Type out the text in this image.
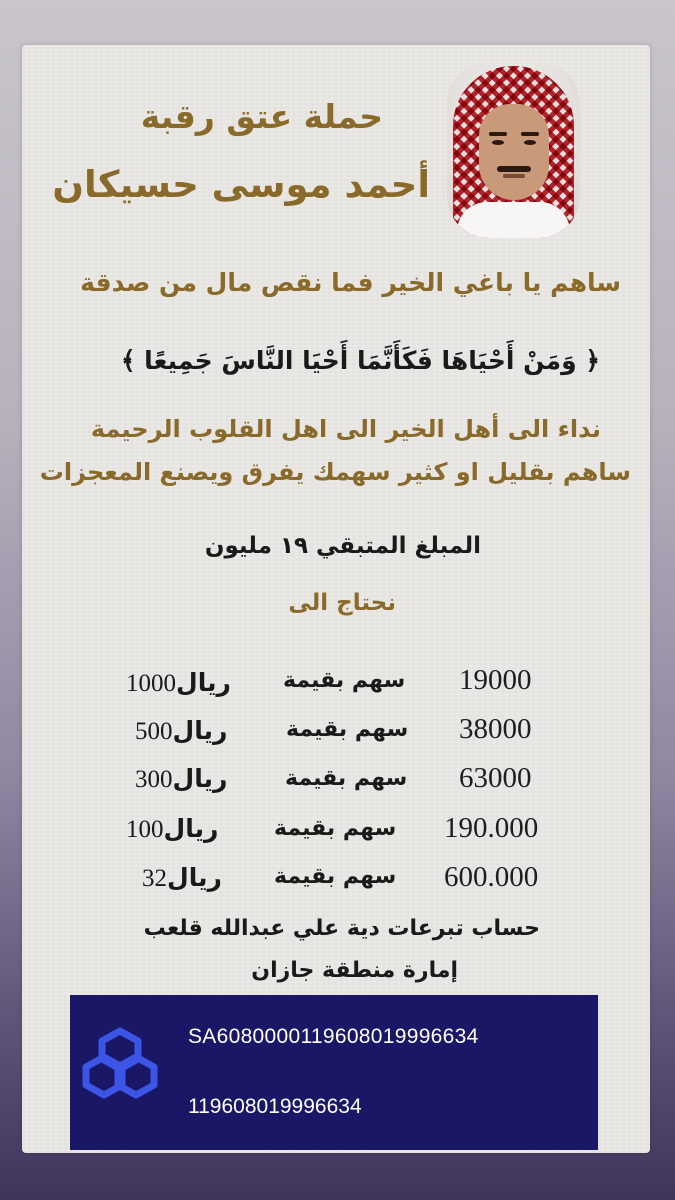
حملة عتق رقبة
أحمد موسى حسيكان
ساهم يا باغي الخير فما نقص مال من صدقة
﴿ وَمَنْ أَحْيَاهَا فَكَأَنَّمَا أَحْيَا النَّاسَ جَمِيعًا ﴾
نداء الى أهل الخير الى اهل القلوب الرحيمة
ساهم بقليل او كثير سهمك يفرق ويصنع المعجزات
المبلغ المتبقي ١٩ مليون
نحتاج الى
19000
سهم بقيمة
ريال1000
38000
سهم بقيمة
ريال500
63000
سهم بقيمة
ريال300
190.000
سهم بقيمة
ريال100
600.000
سهم بقيمة
ريال32
حساب تبرعات دية علي عبدالله قلعب
إمارة منطقة جازان
SA6080000119608019996634
119608019996634
